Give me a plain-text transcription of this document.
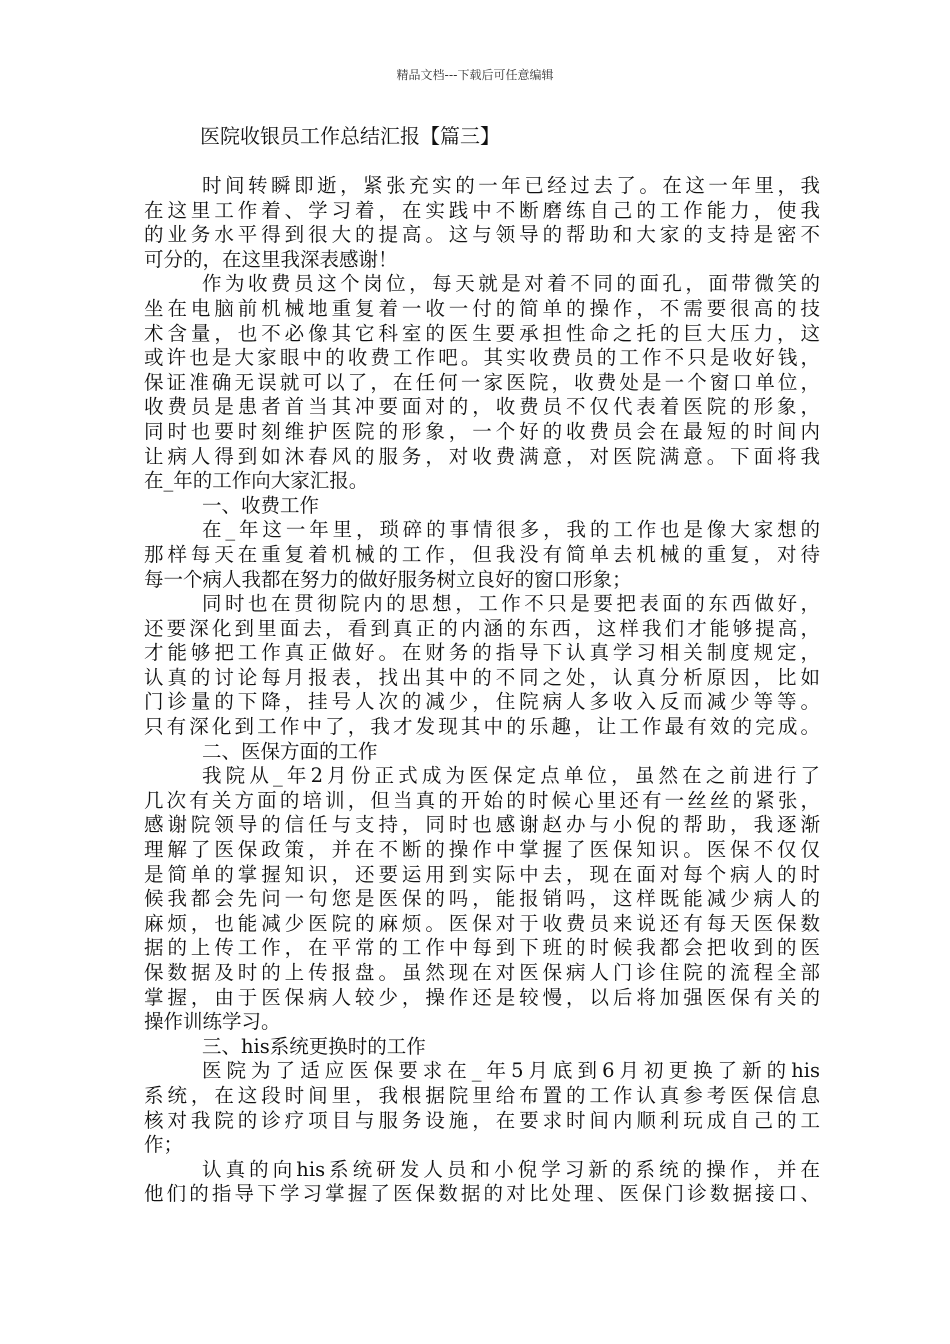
精品文档---下载后可任意编辑
医院收银员工作总结汇报【篇三】
时间转瞬即逝，紧张充实的一年已经过去了。在这一年里，我
在这里工作着、学习着，在实践中不断磨练自己的工作能力，使我
的业务水平得到很大的提高。这与领导的帮助和大家的支持是密不
可分的，在这里我深表感谢！
作为收费员这个岗位，每天就是对着不同的面孔，面带微笑的
坐在电脑前机械地重复着一收一付的简单的操作，不需要很高的技
术含量，也不必像其它科室的医生要承担性命之托的巨大压力，这
或许也是大家眼中的收费工作吧。其实收费员的工作不只是收好钱，
保证准确无误就可以了，在任何一家医院，收费处是一个窗口单位，
收费员是患者首当其冲要面对的，收费员不仅代表着医院的形象，
同时也要时刻维护医院的形象，一个好的收费员会在最短的时间内
让病人得到如沐春风的服务，对收费满意，对医院满意。下面将我
在_年的工作向大家汇报。
一、收费工作
在_年这一年里，琐碎的事情很多，我的工作也是像大家想的
那样每天在重复着机械的工作，但我没有简单去机械的重复，对待
每一个病人我都在努力的做好服务树立良好的窗口形象；
同时也在贯彻院内的思想，工作不只是要把表面的东西做好，
还要深化到里面去，看到真正的内涵的东西，这样我们才能够提高，
才能够把工作真正做好。在财务的指导下认真学习相关制度规定，
认真的讨论每月报表，找出其中的不同之处，认真分析原因，比如
门诊量的下降，挂号人次的减少，住院病人多收入反而减少等等。
只有深化到工作中了，我才发现其中的乐趣，让工作最有效的完成。
二、医保方面的工作
我院从_年2月份正式成为医保定点单位，虽然在之前进行了
几次有关方面的培训，但当真的开始的时候心里还有一丝丝的紧张，
感谢院领导的信任与支持，同时也感谢赵办与小倪的帮助，我逐渐
理解了医保政策，并在不断的操作中掌握了医保知识。医保不仅仅
是简单的掌握知识，还要运用到实际中去，现在面对每个病人的时
候我都会先问一句您是医保的吗，能报销吗，这样既能减少病人的
麻烦，也能减少医院的麻烦。医保对于收费员来说还有每天医保数
据的上传工作，在平常的工作中每到下班的时候我都会把收到的医
保数据及时的上传报盘。虽然现在对医保病人门诊住院的流程全部
掌握，由于医保病人较少，操作还是较慢，以后将加强医保有关的
操作训练学习。
三、his系统更换时的工作
医院为了适应医保要求在_年5月底到6月初更换了新的his
系统，在这段时间里，我根据院里给布置的工作认真参考医保信息
核对我院的诊疗项目与服务设施，在要求时间内顺利玩成自己的工
作；
认真的向his系统研发人员和小倪学习新的系统的操作，并在
他们的指导下学习掌握了医保数据的对比处理、医保门诊数据接口、
